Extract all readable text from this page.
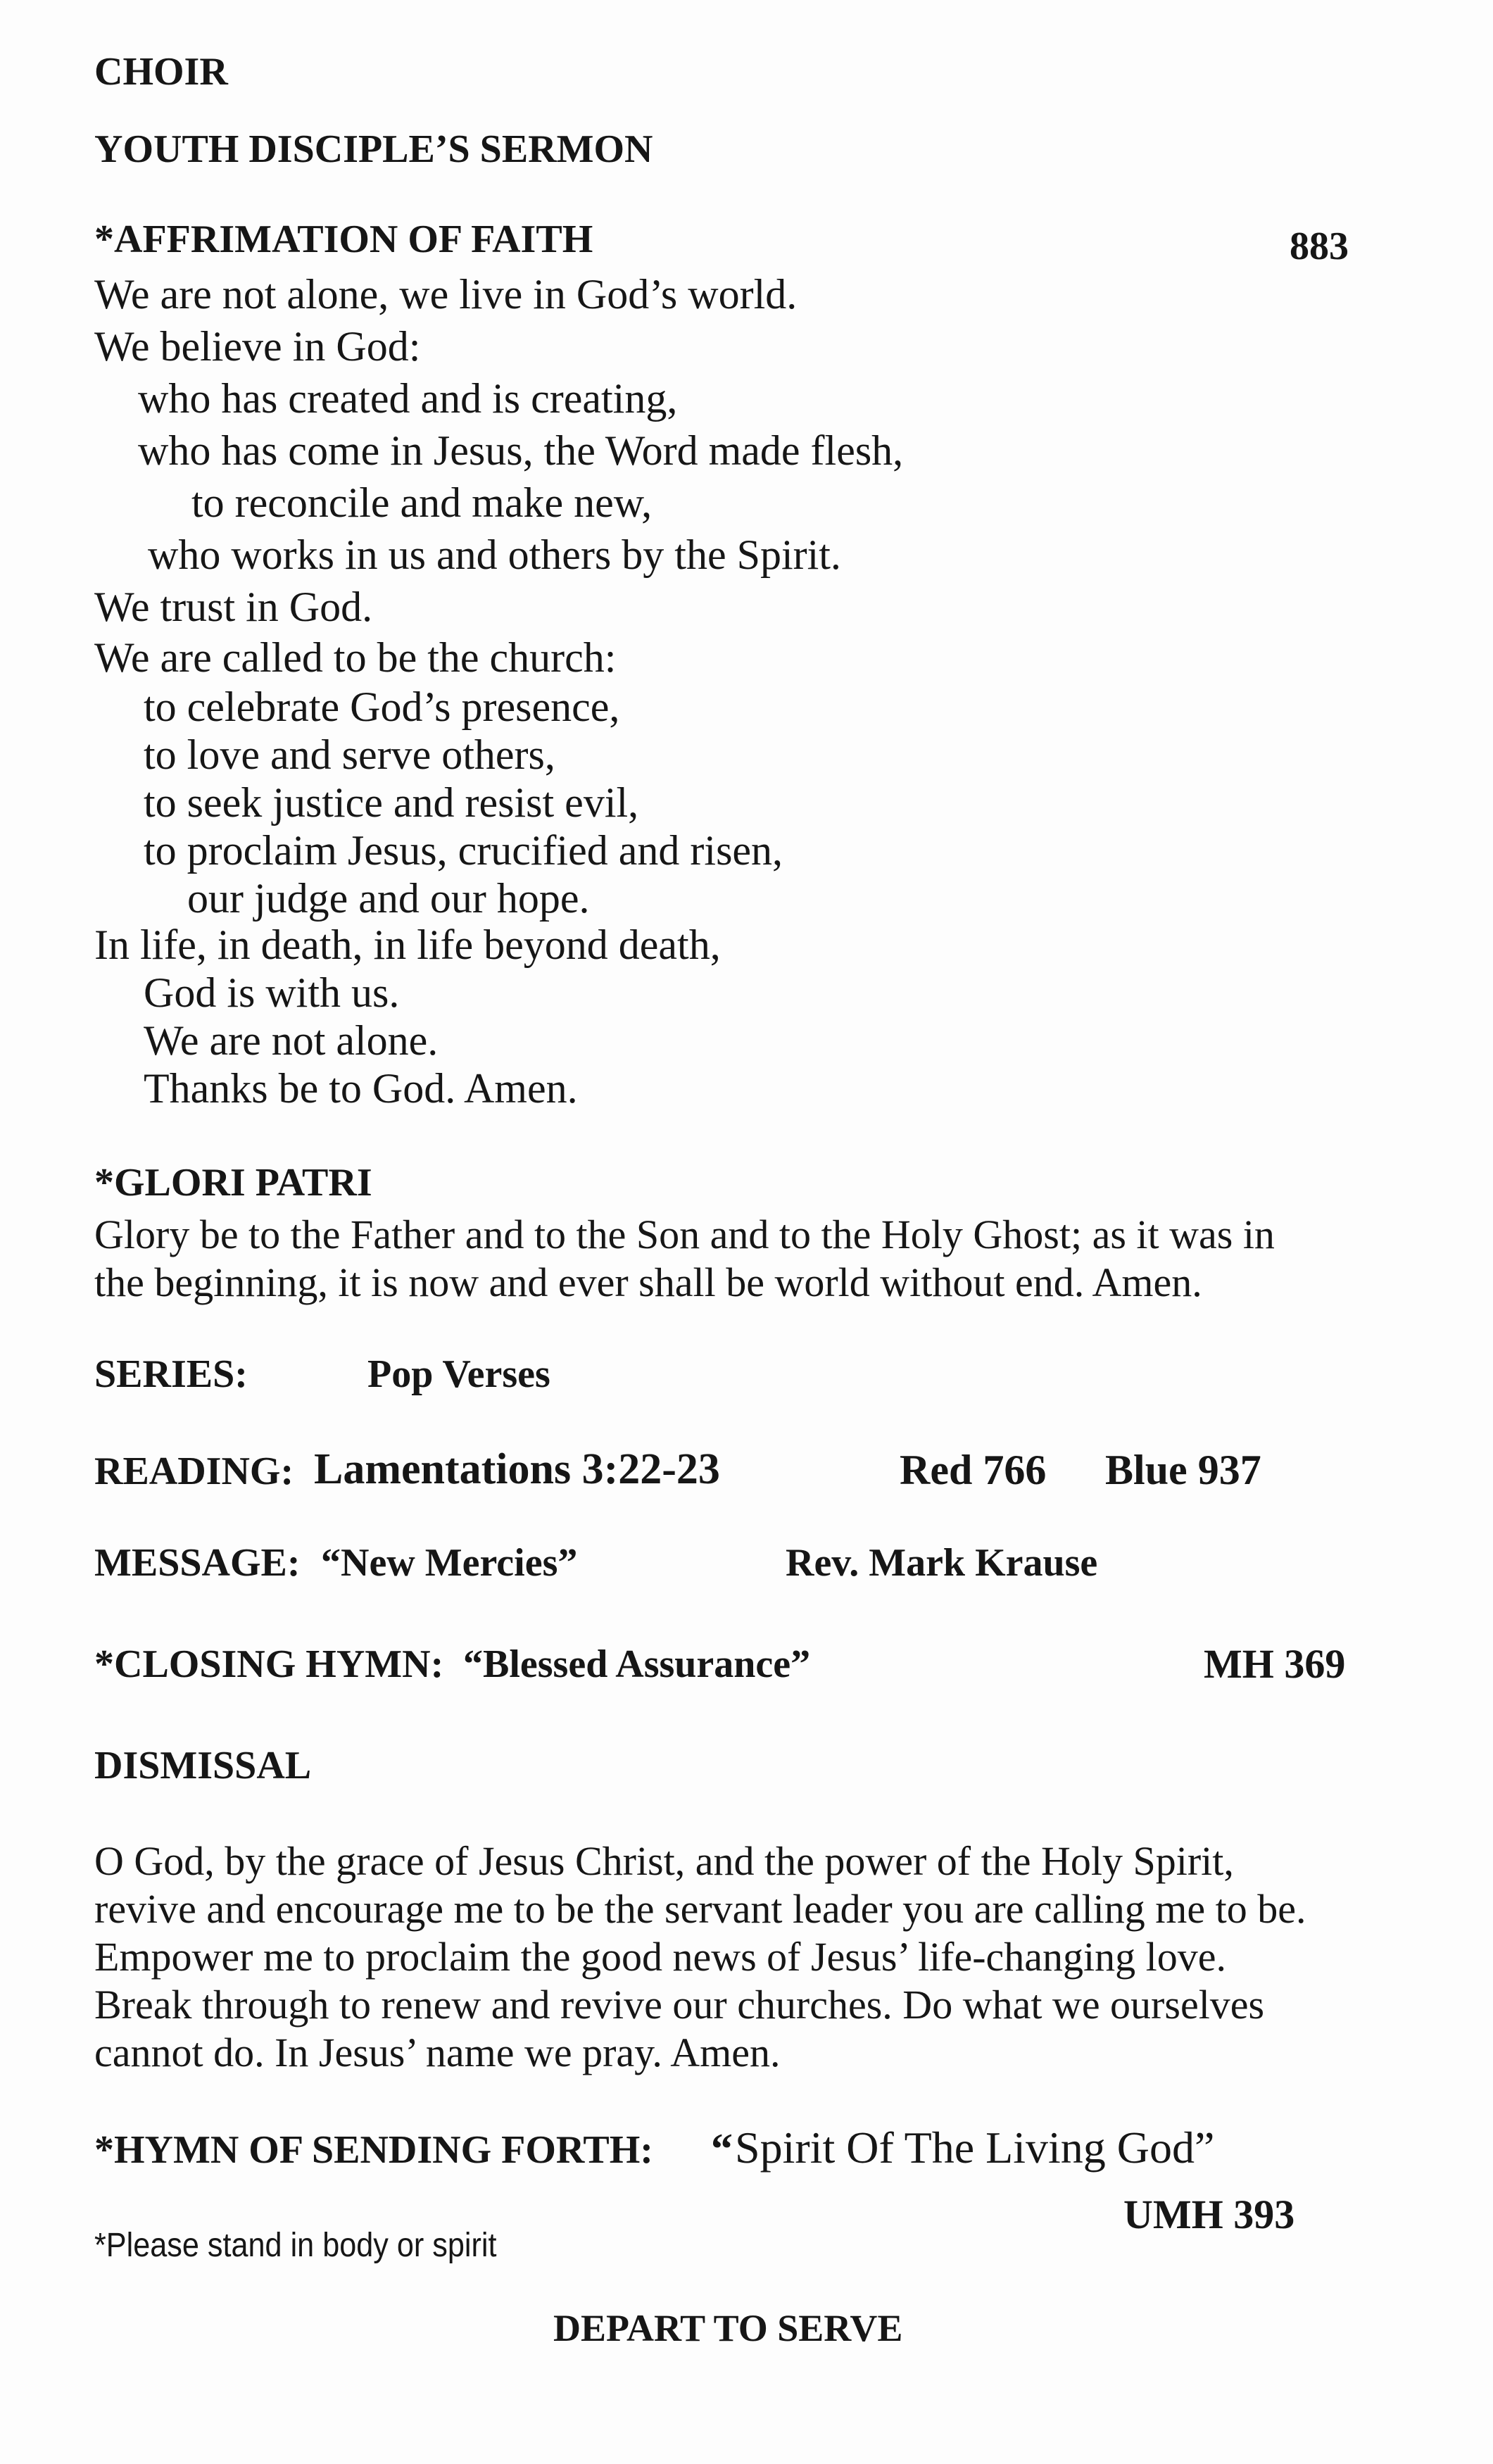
CHOIR
YOUTH DISCIPLE’S SERMON
*AFFRIMATION OF FAITH	883
We are not alone, we live in God’s world.
We believe in God:
who has created and is creating,
who has come in Jesus, the Word made flesh,
to reconcile and make new,
who works in us and others by the Spirit.
We trust in God.
We are called to be the church:
to celebrate God’s presence,
to love and serve others,
to seek justice and resist evil,
to proclaim Jesus, crucified and risen,
our judge and our hope.
In life, in death, in life beyond death,
God is with us.
We are not alone.
Thanks be to God. Amen.
*GLORI PATRI
Glory be to the Father and to the Son and to the Holy Ghost; as it was in
the beginning, it is now and ever shall be world without end. Amen.
SERIES:	Pop Verses
READING: Lamentations 3:22-23	Red 766 Blue 937
MESSAGE: “New Mercies”	Rev. Mark Krause
*CLOSING HYMN: “Blessed Assurance”	MH 369
DISMISSAL
O God, by the grace of Jesus Christ, and the power of the Holy Spirit,
revive and encourage me to be the servant leader you are calling me to be.
Empower me to proclaim the good news of Jesus’ life-changing love.
Break through to renew and revive our churches. Do what we ourselves
cannot do. In Jesus’ name we pray. Amen.
*HYMN OF SENDING FORTH: “ Spirit Of The Living God”
UMH 393
*Please stand in body or spirit
DEPART TO SERVE
